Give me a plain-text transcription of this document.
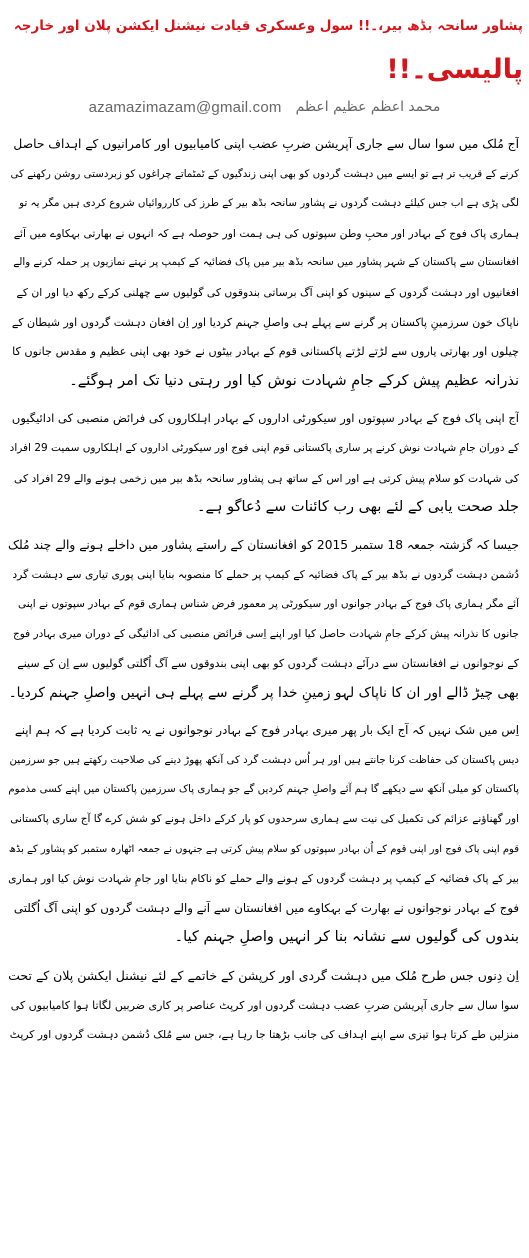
پشاور سانحہ بڈھ بیر،۔!! سول وعسکری قیادت نیشنل ایکشن پلان اور خارجہ
پالیسی۔!!
azamazimazam@gmail.com محمد اعظم عظیم اعظم

آج مُلک میں سوا سال سے جاری آپریشن ضربِ عضب اپنی کامیابیوں اور کامرانیوں کے اہداف حاصل
کرنے کے قریب تر ہے تو ایسے میں دہشت گردوں کو بھی اپنی زندگیوں کے ٹمٹماتے چراغوں کو زبردستی روشن رکھنے کی
لگی پڑی ہے اب جس کیلئے دہشت گردوں نے پشاور سانحہ بڈھ بیر کے طرز کی کارروائیاں شروع کردی ہیں مگر یہ تو
ہماری پاک فوج کے بہادر اور محبِ وطن سپوتوں کی ہی ہمت اور حوصلہ ہے کہ انہوں نے بھارتی بہکاوے میں آئے
افغانستان سے پاکستان کے شہر پشاور میں سانحہ بڈھ بیر میں پاک فضائیہ کے کیمپ پر نہتے نمازیوں پر حملہ کرنے والے
افغانیوں اور دہشت گردوں کے سینوں کو اپنی آگ برساتی بندوقوں کی گولیوں سے چھلنی کرکے رکھ دیا اور ان کے
ناپاک خون سرزمینِ پاکستان پر گرنے سے پہلے ہی واصلِ جہنم کردیا اور اِن افغان دہشت گردوں اور شیطان کے
چیلوں اور بھارتی یاروں سے لڑتے لڑتے پاکستانی قوم کے بہادر بیٹوں نے خود بھی اپنی عظیم و مقدس جانوں کا
نذرانہ عظیم پیش کرکے جامِ شہادت نوش کیا اور رہتی دنیا تک امر ہوگئے۔

آج اپنی پاک فوج کے بہادر سپوتوں اور سیکورٹی اداروں کے بہادر اہلکاروں کی فرائض منصبی کی ادائیگیوں
کے دوران جامِ شہادت نوش کرنے پر ساری پاکستانی قوم اپنی فوج اور سیکورٹی اداروں کے اہلکاروں سمیت 29 افراد
کی شہادت کو سلام پیش کرتی ہے اور اس کے ساتھ ہی پشاور سانحہ بڈھ بیر میں زخمی ہونے والے 29 افراد کی
جلد صحت یابی کے لئے بھی رب کائنات سے دُعاگو ہے۔

جیسا کہ گزشتہ جمعہ 18 ستمبر 2015 کو افغانستان کے راستے پشاور میں داخلے ہونے والے چند مُلک
دُشمن دہشت گردوں نے بڈھ بیر کے پاک فضائیہ کے کیمپ پر حملے کا منصوبہ بنایا اپنی پوری تیاری سے دہشت گرد
آئے مگر ہماری پاک فوج کے بہادر جوانوں اور سیکورٹی پر معمور فرض شناس ہماری قوم کے بہادر سپوتوں نے اپنی
جانوں کا نذرانہ پیش کرکے جامِ شہادت حاصل کیا اور اپنے اِسی فرائض منصبی کی ادائیگی کے دوران میری بہادر فوج
کے نوجوانوں نے افغانستان سے درآئے دہشت گردوں کو بھی اپنی بندوقوں سے آگ اُگلتی گولیوں سے اِن کے سینے
بھی چیڑ ڈالے اور ان کا ناپاک لہو زمینِ خدا پر گرنے سے پہلے ہی انہیں واصلِ جہنم کردیا۔

اِس میں شک نہیں کہ آج ایک بار پھر میری بہادر فوج کے بہادر نوجوانوں نے یہ ثابت کردیا ہے کہ ہم اپنے
دیس پاکستان کی حفاظت کرنا جانتے ہیں اور ہر اُس دہشت گرد کی آنکھ پھوڑ دینے کی صلاحیت رکھتے ہیں جو سرزمین
پاکستان کو میلی آنکھ سے دیکھے گا ہم آئے واصلِ جہنم کردیں گے جو ہماری پاک سرزمین پاکستان میں اپنے کسی مذموم
اور گھناؤنے عزائم کی تکمیل کی نیت سے ہماری سرحدوں کو پار کرکے داخل ہونے کو شش کرے گا آج ساری پاکستانی
قوم اپنی پاک فوج اور اپنی قوم کے اُن بہادر سپوتوں کو سلام پیش کرتی ہے جنہوں نے جمعہ اٹھارہ ستمبر کو پشاور کے بڈھ
بیر کے پاک فضائیہ کے کیمپ پر دہشت گردوں کے ہونے والے حملے کو ناکام بنایا اور جامِ شہادت نوش کیا اور ہماری
فوج کے بہادر نوجوانوں نے بھارت کے بہکاوے میں افغانستان سے آنے والے دہشت گردوں کو اپنی آگ اُگلتی
بندوں کی گولیوں سے نشانہ بنا کر انہیں واصلِ جہنم کیا۔

اِن دِنوں جس طرح مُلک میں دہشت گردی اور کرپشن کے خاتمے کے لئے نیشنل ایکشن پلان کے تحت
سوا سال سے جاری آپریشن ضربِ عضب دہشت گردوں اور کرپٹ عناصر پر کاری ضربیں لگاتا ہوا کامیابیوں کی
منزلیں طے کرتا ہوا تیزی سے اپنے اہداف کی جانب بڑھتا جا رہا ہے، جس سے مُلک دُشمن دہشت گردوں اور کرپٹ
